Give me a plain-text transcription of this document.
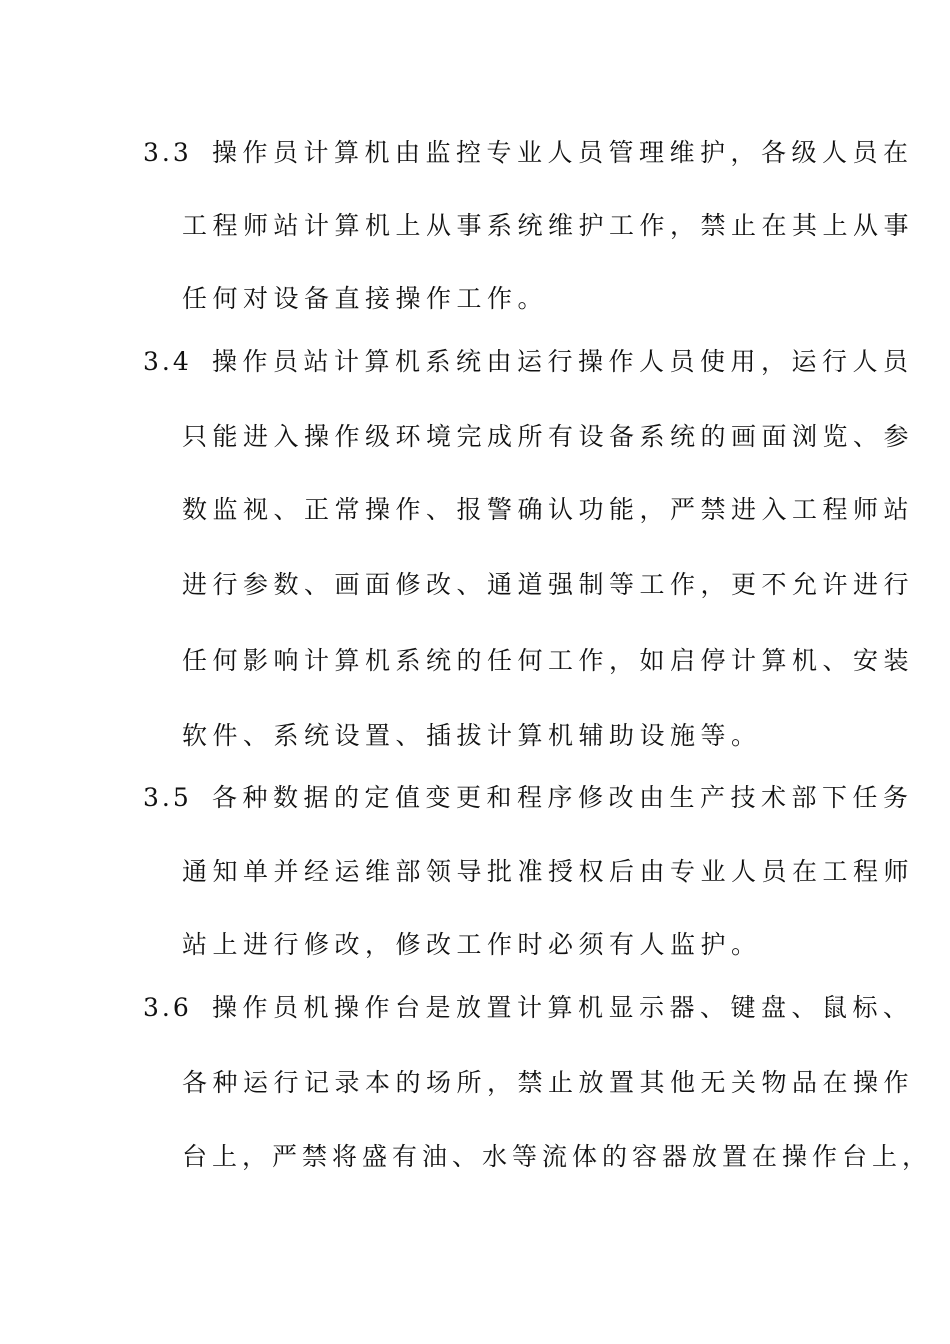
3.3 操作员计算机由监控专业人员管理维护，各级人员在
工程师站计算机上从事系统维护工作，禁止在其上从事
任何对设备直接操作工作。
3.4 操作员站计算机系统由运行操作人员使用，运行人员
只能进入操作级环境完成所有设备系统的画面浏览、参
数监视、正常操作、报警确认功能，严禁进入工程师站
进行参数、画面修改、通道强制等工作，更不允许进行
任何影响计算机系统的任何工作，如启停计算机、安装
软件、系统设置、插拔计算机辅助设施等。
3.5 各种数据的定值变更和程序修改由生产技术部下任务
通知单并经运维部领导批准授权后由专业人员在工程师
站上进行修改，修改工作时必须有人监护。
3.6 操作员机操作台是放置计算机显示器、键盘、鼠标、
各种运行记录本的场所，禁止放置其他无关物品在操作
台上，严禁将盛有油、水等流体的容器放置在操作台上，
